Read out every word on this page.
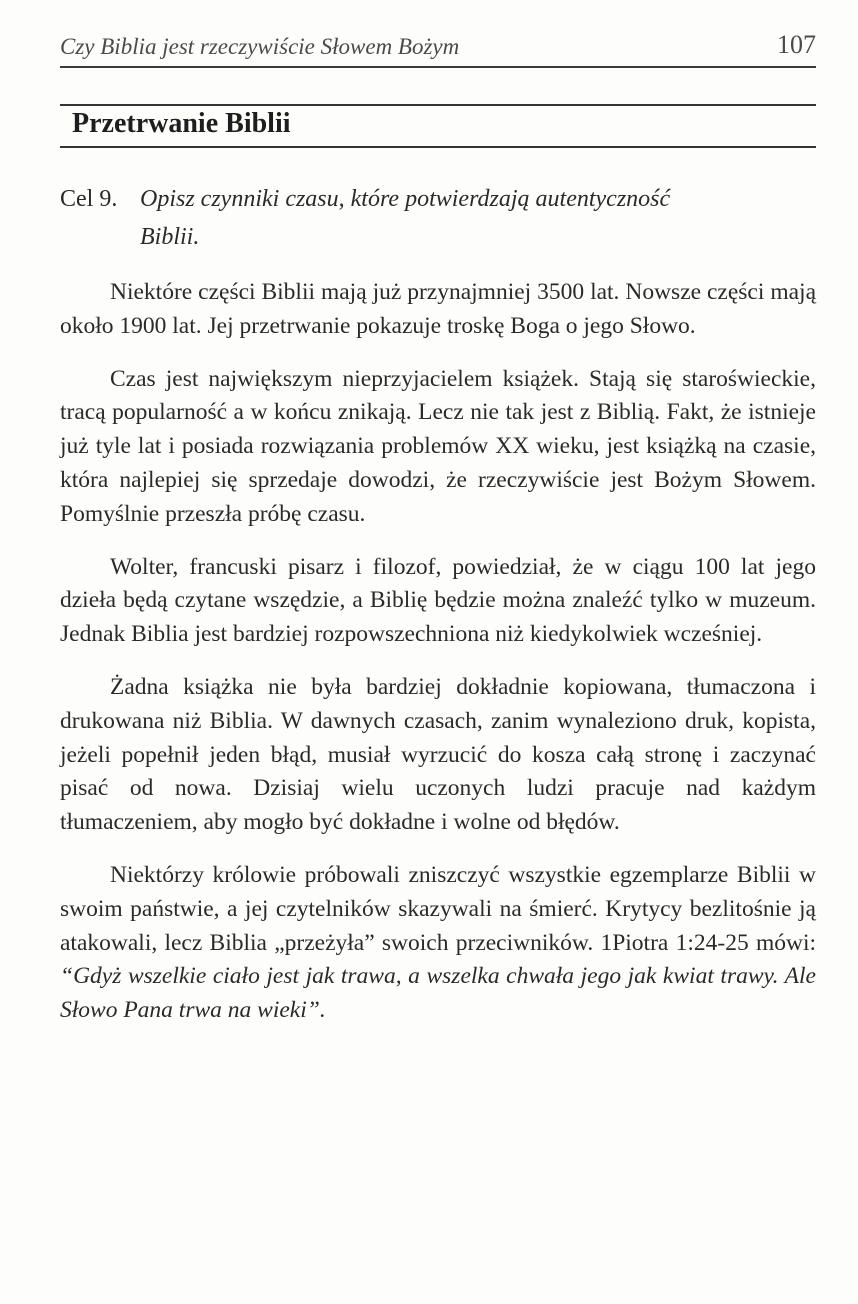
Czy Biblia jest rzeczywiście Słowem Bożym	107
Przetrwanie Biblii
Cel 9. Opisz czynniki czasu, które potwierdzają autentyczność
Biblii.

Niektóre części Biblii mają już przynajmniej 3500 lat. Nowsze części mają około 1900 lat. Jej przetrwanie pokazuje troskę Boga o jego Słowo.

Czas jest największym nieprzyjacielem książek. Stają się staroświeckie, tracą popularność a w końcu znikają. Lecz nie tak jest z Biblią. Fakt, że istnieje już tyle lat i posiada rozwiązania problemów XX wieku, jest książką na czasie, która najlepiej się sprzedaje dowodzi, że rzeczywiście jest Bożym Słowem. Pomyślnie przeszła próbę czasu.

Wolter, francuski pisarz i filozof, powiedział, że w ciągu 100 lat jego dzieła będą czytane wszędzie, a Biblię będzie można znaleźć tylko w muzeum. Jednak Biblia jest bardziej rozpowszechniona niż kiedykolwiek wcześniej.

Żadna książka nie była bardziej dokładnie kopiowana, tłumaczona i drukowana niż Biblia. W dawnych czasach, zanim wynaleziono druk, kopista, jeżeli popełnił jeden błąd, musiał wyrzucić do kosza całą stronę i zaczynać pisać od nowa. Dzisiaj wielu uczonych ludzi pracuje nad każdym tłumaczeniem, aby mogło być dokładne i wolne od błędów.

Niektórzy królowie próbowali zniszczyć wszystkie egzemplarze Biblii w swoim państwie, a jej czytelników skazywali na śmierć. Krytycy bezlitośnie ją atakowali, lecz Biblia „przeżyła” swoich przeciwników. 1Piotra 1:24-25 mówi: “Gdyż wszelkie ciało jest jak trawa, a wszelka chwała jego jak kwiat trawy. Ale Słowo Pana trwa na wieki”.
